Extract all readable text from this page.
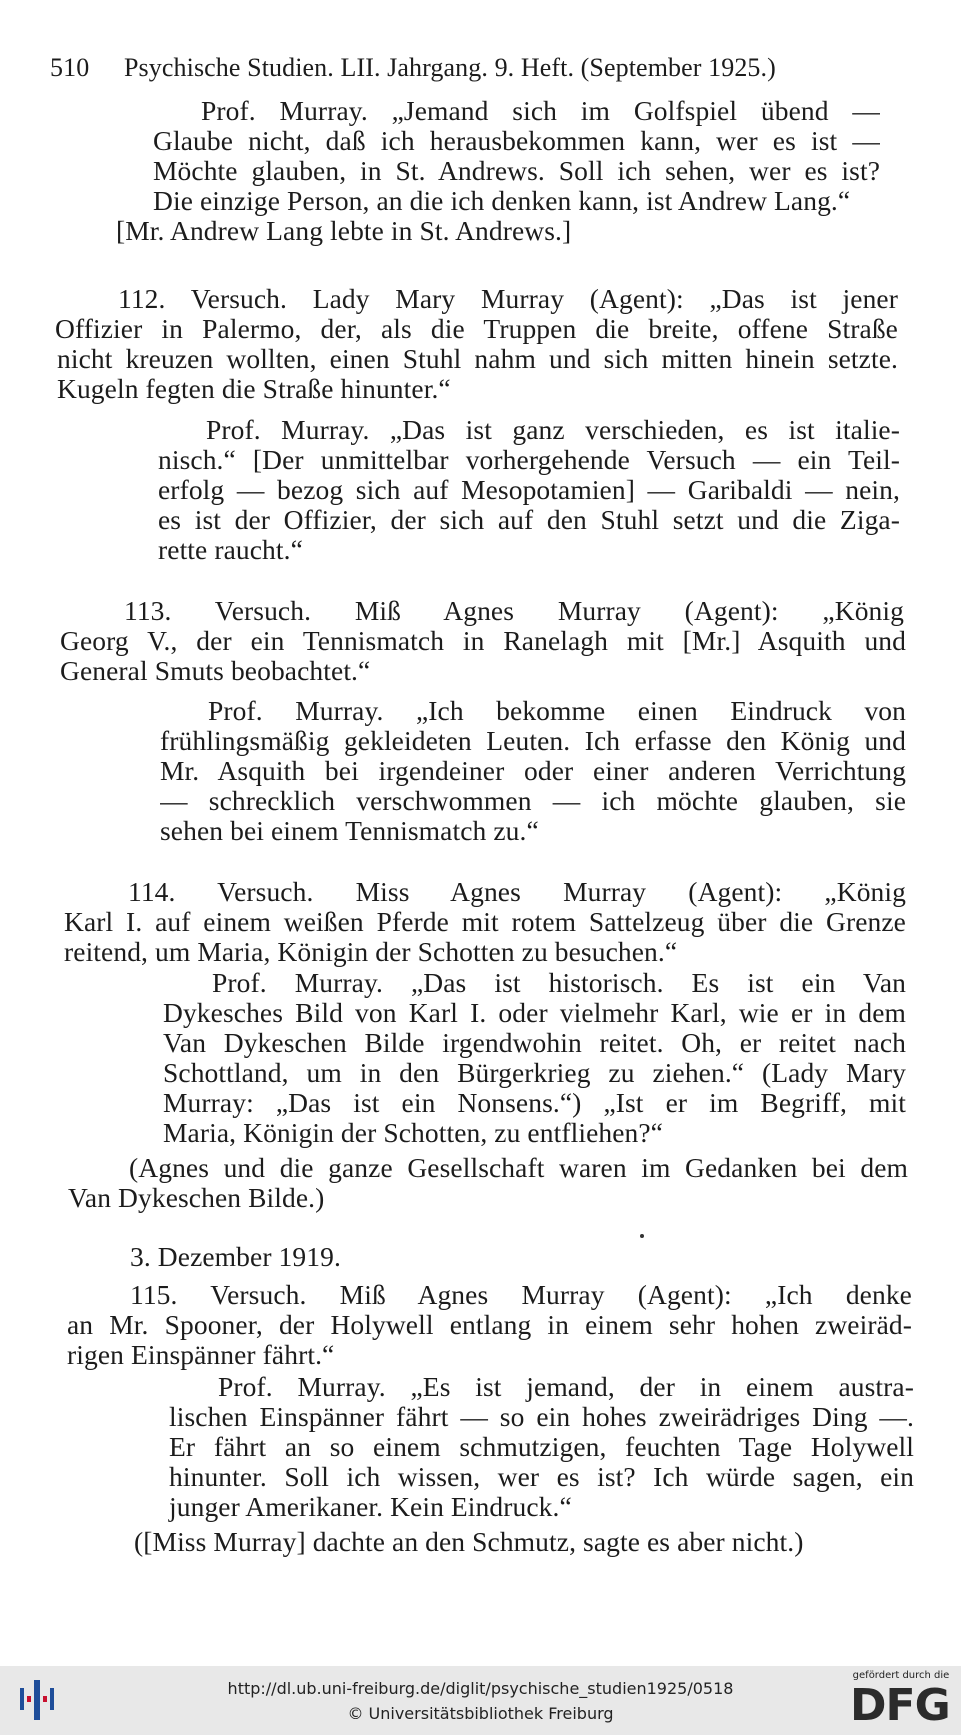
510 Psychische Studien. LII. Jahrgang. 9. Heft. (September 1925.)
Prof. Murray. „Jemand sich im Golfspiel übend —
Glaube nicht, daß ich herausbekommen kann, wer es ist —
Möchte glauben, in St. Andrews. Soll ich sehen, wer es ist?
Die einzige Person, an die ich denken kann, ist Andrew Lang.“
[Mr. Andrew Lang lebte in St. Andrews.]
112. Versuch. Lady Mary Murray (Agent): „Das ist jener
Offizier in Palermo, der, als die Truppen die breite, offene Straße
nicht kreuzen wollten, einen Stuhl nahm und sich mitten hinein setzte.
Kugeln fegten die Straße hinunter.“
Prof. Murray. „Das ist ganz verschieden, es ist italie-
nisch.“ [Der unmittelbar vorhergehende Versuch — ein Teil-
erfolg — bezog sich auf Mesopotamien] — Garibaldi — nein,
es ist der Offizier, der sich auf den Stuhl setzt und die Ziga-
rette raucht.“
113. Versuch. Miß Agnes Murray (Agent): „König
Georg V., der ein Tennismatch in Ranelagh mit [Mr.] Asquith und
General Smuts beobachtet.“
Prof. Murray. „Ich bekomme einen Eindruck von
frühlingsmäßig gekleideten Leuten. Ich erfasse den König und
Mr. Asquith bei irgendeiner oder einer anderen Verrichtung
— schrecklich verschwommen — ich möchte glauben, sie
sehen bei einem Tennismatch zu.“
114. Versuch. Miss Agnes Murray (Agent): „König
Karl I. auf einem weißen Pferde mit rotem Sattelzeug über die Grenze
reitend, um Maria, Königin der Schotten zu besuchen.“
Prof. Murray. „Das ist historisch. Es ist ein Van
Dykesches Bild von Karl I. oder vielmehr Karl, wie er in dem
Van Dykeschen Bilde irgendwohin reitet. Oh, er reitet nach
Schottland, um in den Bürgerkrieg zu ziehen.“ (Lady Mary
Murray: „Das ist ein Nonsens.“) „Ist er im Begriff, mit
Maria, Königin der Schotten, zu entfliehen?“
(Agnes und die ganze Gesellschaft waren im Gedanken bei dem
Van Dykeschen Bilde.)
3. Dezember 1919.
115. Versuch. Miß Agnes Murray (Agent): „Ich denke
an Mr. Spooner, der Holywell entlang in einem sehr hohen zweiräd-
rigen Einspänner fährt.“
Prof. Murray. „Es ist jemand, der in einem austra-
lischen Einspänner fährt — so ein hohes zweirädriges Ding —.
Er fährt an so einem schmutzigen, feuchten Tage Holywell
hinunter. Soll ich wissen, wer es ist? Ich würde sagen, ein
junger Amerikaner. Kein Eindruck.“
([Miss Murray] dachte an den Schmutz, sagte es aber nicht.)
http://dl.ub.uni-freiburg.de/diglit/psychische_studien1925/0518
© Universitätsbibliothek Freiburg
gefördert durch die
DFG
